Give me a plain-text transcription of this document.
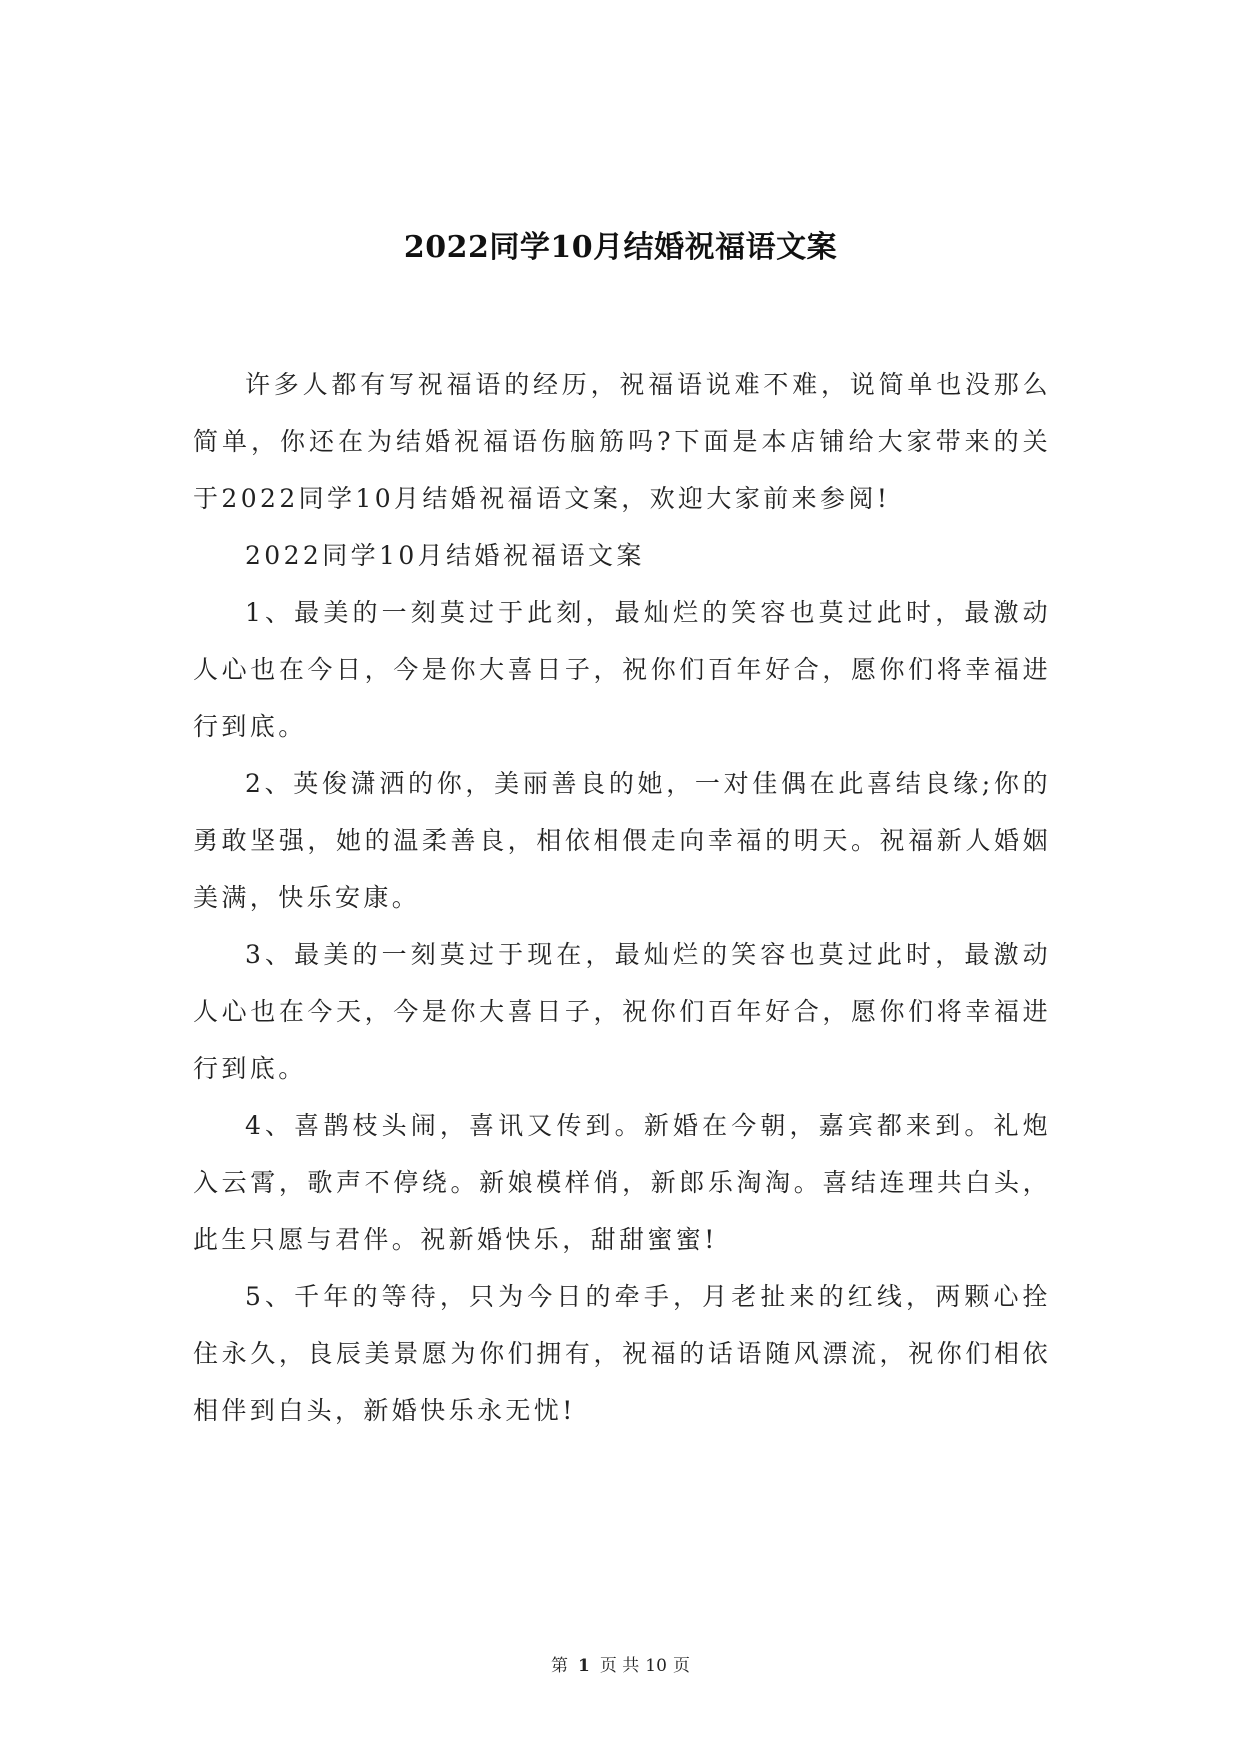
2022同学10月结婚祝福语文案

许多人都有写祝福语的经历，祝福语说难不难，说简单也没那么简单，你还在为结婚祝福语伤脑筋吗?下面是本店铺给大家带来的关于2022同学10月结婚祝福语文案，欢迎大家前来参阅!

2022同学10月结婚祝福语文案

1、最美的一刻莫过于此刻，最灿烂的笑容也莫过此时，最激动人心也在今日，今是你大喜日子，祝你们百年好合，愿你们将幸福进行到底。

2、英俊潇洒的你，美丽善良的她，一对佳偶在此喜结良缘;你的勇敢坚强，她的温柔善良，相依相偎走向幸福的明天。祝福新人婚姻美满，快乐安康。

3、最美的一刻莫过于现在，最灿烂的笑容也莫过此时，最激动人心也在今天，今是你大喜日子，祝你们百年好合，愿你们将幸福进行到底。

4、喜鹊枝头闹，喜讯又传到。新婚在今朝，嘉宾都来到。礼炮入云霄，歌声不停绕。新娘模样俏，新郎乐淘淘。喜结连理共白头，此生只愿与君伴。祝新婚快乐，甜甜蜜蜜!

5、千年的等待，只为今日的牵手，月老扯来的红线，两颗心拴住永久，良辰美景愿为你们拥有，祝福的话语随风漂流，祝你们相依相伴到白头，新婚快乐永无忧!

第 1 页 共 10 页
